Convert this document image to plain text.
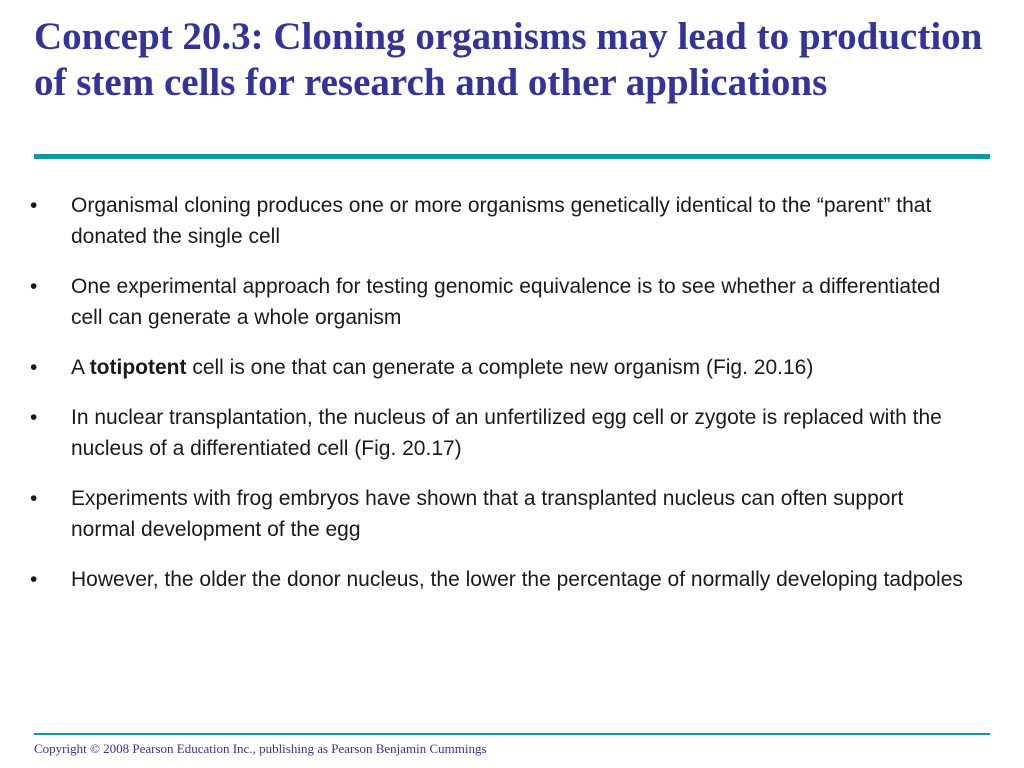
Concept 20.3: Cloning organisms may lead to production of stem cells for research and other applications
•	Organismal cloning produces one or more organisms genetically identical to the “parent” that donated the single cell
•	One experimental approach for testing genomic equivalence is to see whether a differentiated cell can generate a whole organism
•	A totipotent cell is one that can generate a complete new organism (Fig. 20.16)
•	In nuclear transplantation, the nucleus of an unfertilized egg cell or zygote is replaced with the nucleus of a differentiated cell (Fig. 20.17)
•	Experiments with frog embryos have shown that a transplanted nucleus can often support normal development of the egg
•	However, the older the donor nucleus, the lower the percentage of normally developing tadpoles
Copyright © 2008 Pearson Education Inc., publishing as Pearson Benjamin Cummings
